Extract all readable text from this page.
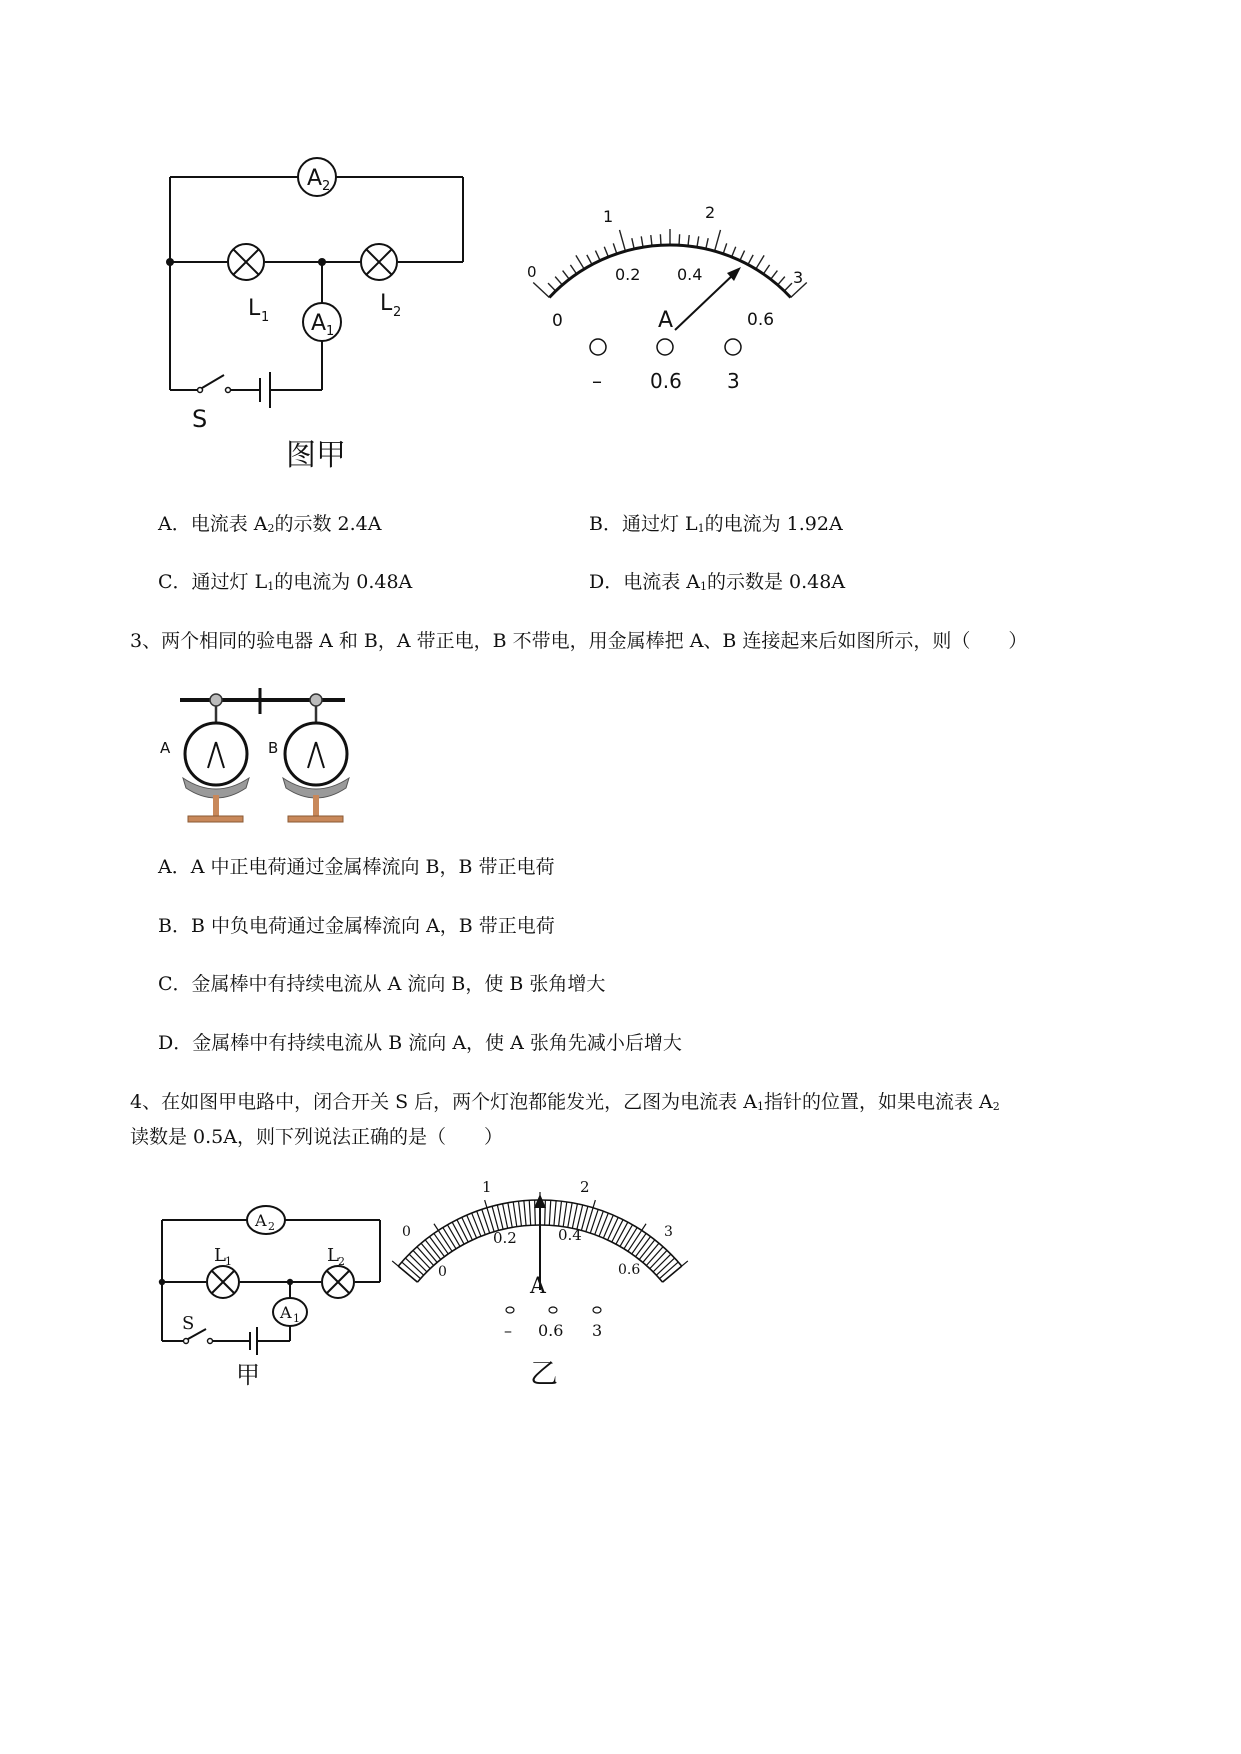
A 2
A 1
L 1
L 2
S
图甲
0
1	2
3
0
0.2 0.4
0.6
A
– 0.6 3
A．电流表 $A_2$的示数 2.4A	B．通过灯 $L_1$的电流为 1.92A
C．通过灯 $L_1$的电流为 0.48A	D．电流表 $A_1$的示数是 0.48A
3、两个相同的验电器 A 和 B，A 带正电，B 不带电，用金属棒把 A、B 连接起来后如图所示，则（　　）
A	B
A．A 中正电荷通过金属棒流向 B，B 带正电荷
B．B 中负电荷通过金属棒流向 A，B 带正电荷
C．金属棒中有持续电流从 A 流向 B，使 B 张角增大
D．金属棒中有持续电流从 B 流向 A，使 A 张角先减小后增大
4、在如图甲电路中，闭合开关 S 后，两个灯泡都能发光，乙图为电流表 $A_1$指针的位置，如果电流表 $A_2$
读数是 0.5A，则下列说法正确的是（　　）
A 2
A 1
L 1	L 2
S
甲
0
1	2
3
0
0.2	0.4
0.6
A
– 0.6 3
乙
